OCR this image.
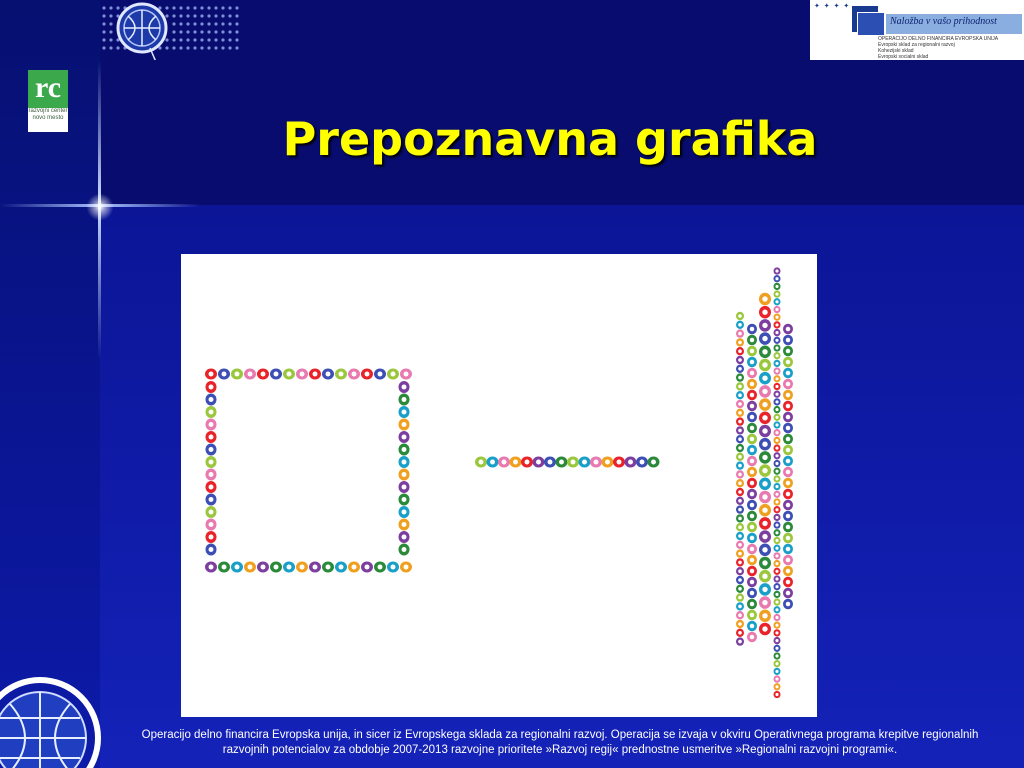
rc
razvojni center
novo mesto
✦ ✦ ✦ ✦
Naložba v vašo prihodnost
OPERACIJO DELNO FINANCIRA EVROPSKA UNIJA
Evropski sklad za regionalni razvoj
Kohezijski sklad
Evropski socialni sklad
Prepoznavna grafika

Operacijo delno financira Evropska unija, in sicer iz Evropskega sklada za regionalni razvoj. Operacija se izvaja v okviru Operativnega programa krepitve regionalnih razvojnih potencialov za obdobje 2007-2013 razvojne prioritete »Razvoj regij« prednostne usmeritve »Regionalni razvojni programi«.
